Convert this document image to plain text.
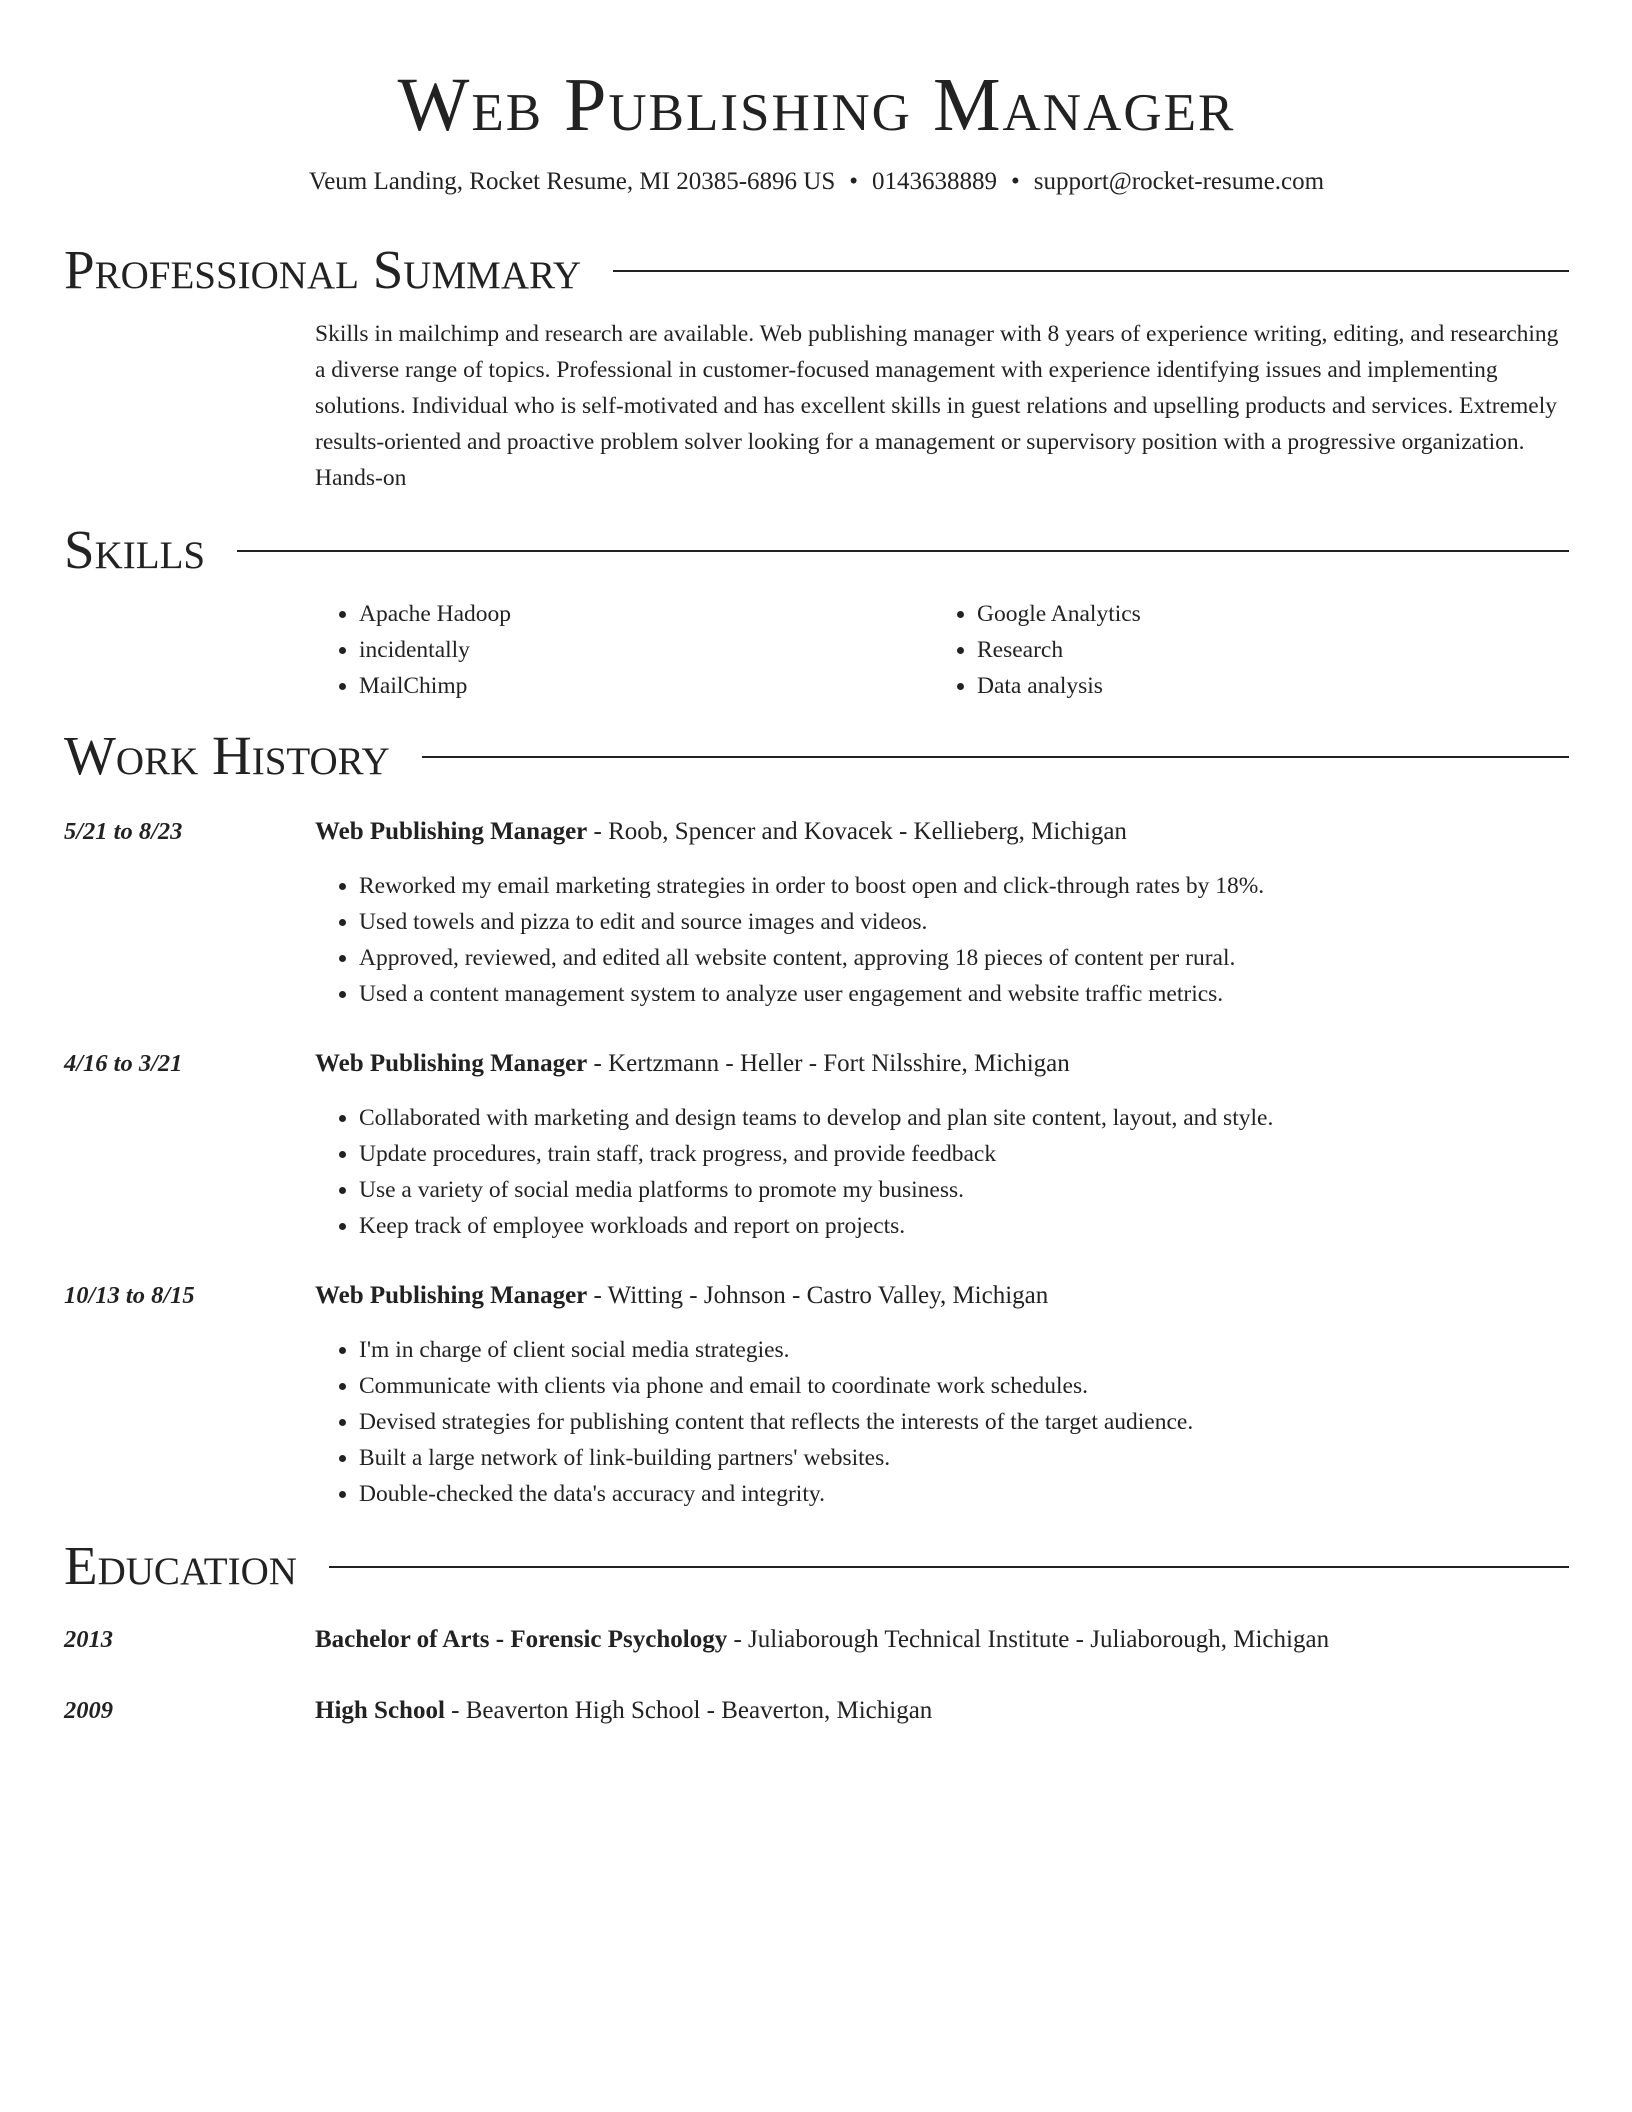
Web Publishing Manager
Veum Landing, Rocket Resume, MI 20385-6896 US • 0143638889 • support@rocket-resume.com
Professional Summary
Skills in mailchimp and research are available. Web publishing manager with 8 years of experience writing, editing, and researching a diverse range of topics. Professional in customer-focused management with experience identifying issues and implementing solutions. Individual who is self-motivated and has excellent skills in guest relations and upselling products and services. Extremely results-oriented and proactive problem solver looking for a management or supervisory position with a progressive organization. Hands-on
Skills
• Apache Hadoop
• incidentally
• MailChimp
• Google Analytics
• Research
• Data analysis
Work History
5/21 to 8/23	Web Publishing Manager - Roob, Spencer and Kovacek - Kellieberg, Michigan
• Reworked my email marketing strategies in order to boost open and click-through rates by 18%.
• Used towels and pizza to edit and source images and videos.
• Approved, reviewed, and edited all website content, approving 18 pieces of content per rural.
• Used a content management system to analyze user engagement and website traffic metrics.
4/16 to 3/21	Web Publishing Manager - Kertzmann - Heller - Fort Nilsshire, Michigan
• Collaborated with marketing and design teams to develop and plan site content, layout, and style.
• Update procedures, train staff, track progress, and provide feedback
• Use a variety of social media platforms to promote my business.
• Keep track of employee workloads and report on projects.
10/13 to 8/15	Web Publishing Manager - Witting - Johnson - Castro Valley, Michigan
• I'm in charge of client social media strategies.
• Communicate with clients via phone and email to coordinate work schedules.
• Devised strategies for publishing content that reflects the interests of the target audience.
• Built a large network of link-building partners' websites.
• Double-checked the data's accuracy and integrity.
Education
2013	Bachelor of Arts - Forensic Psychology - Juliaborough Technical Institute - Juliaborough, Michigan
2009	High School - Beaverton High School - Beaverton, Michigan
